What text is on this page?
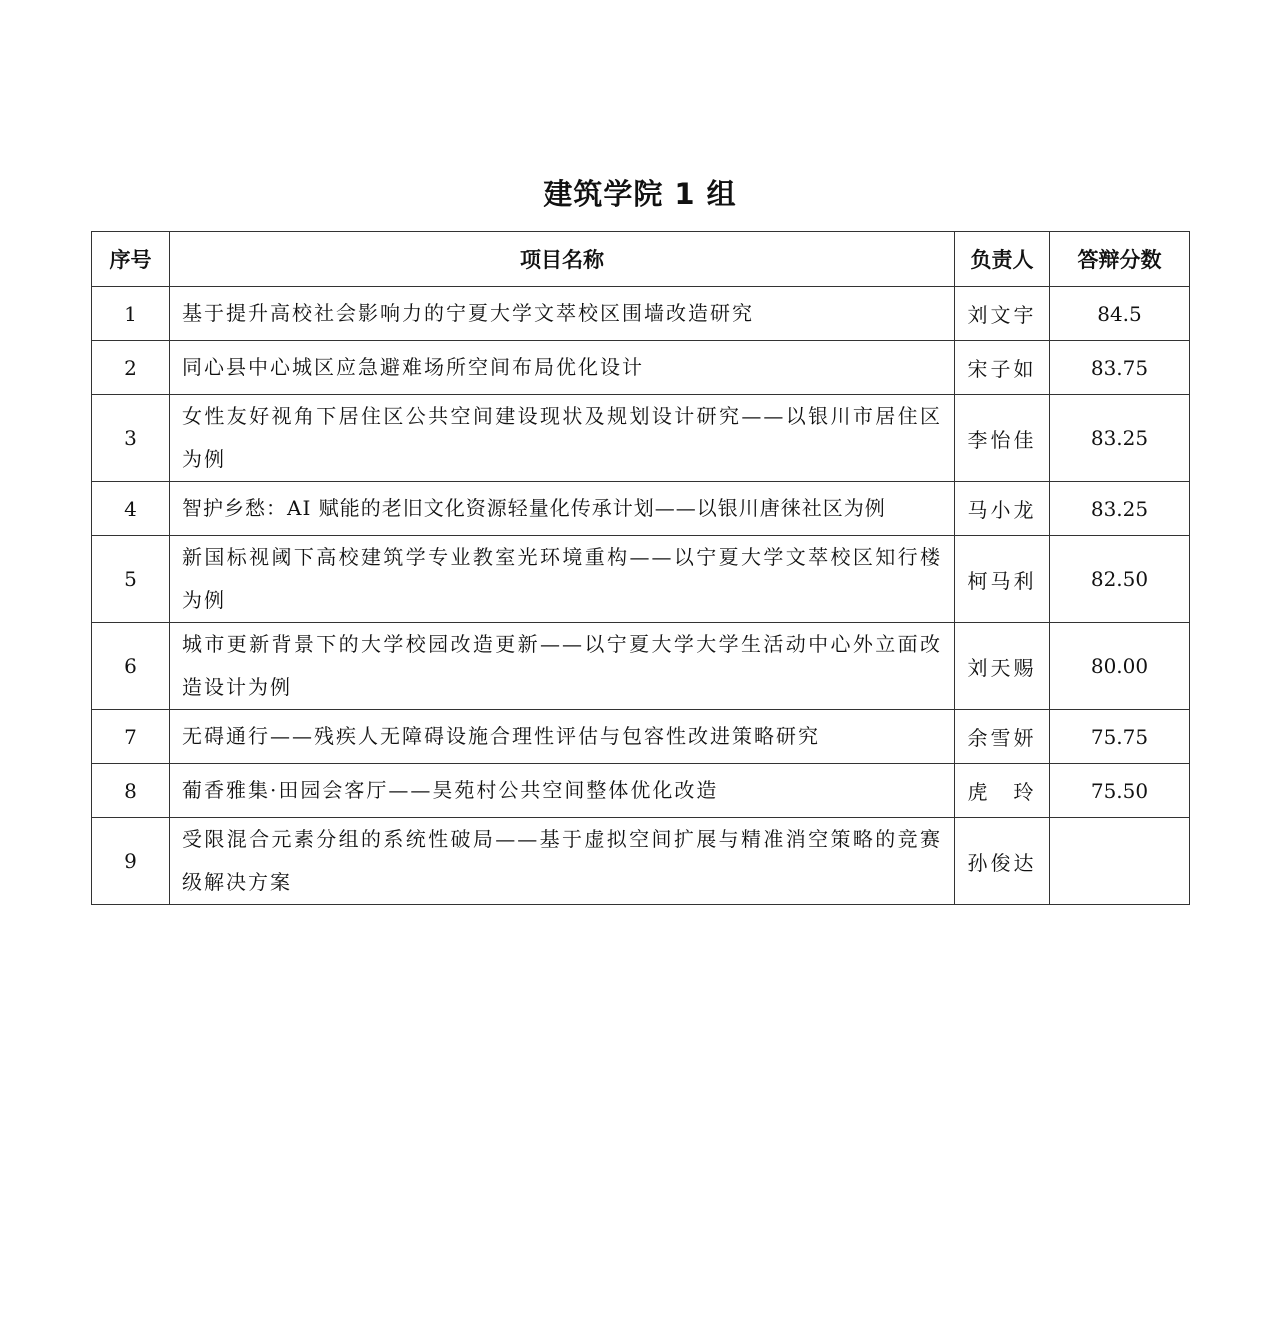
建筑学院 1 组
序号	项目名称	负责人	答辩分数
1	基于提升高校社会影响力的宁夏大学文萃校区围墙改造研究	刘文宇	84.5
2	同心县中心城区应急避难场所空间布局优化设计	宋子如	83.75
3	女性友好视角下居住区公共空间建设现状及规划设计研究——以银川市居住区为例	李怡佳	83.25
4	智护乡愁：AI 赋能的老旧文化资源轻量化传承计划——以银川唐徕社区为例	马小龙	83.25
5	新国标视阈下高校建筑学专业教室光环境重构——以宁夏大学文萃校区知行楼为例	柯马利	82.50
6	城市更新背景下的大学校园改造更新——以宁夏大学大学生活动中心外立面改造设计为例	刘天赐	80.00
7	无碍通行——残疾人无障碍设施合理性评估与包容性改进策略研究	余雪妍	75.75
8	葡香雅集·田园会客厅——昊苑村公共空间整体优化改造	虎　玲	75.50
9	受限混合元素分组的系统性破局——基于虚拟空间扩展与精准消空策略的竞赛级解决方案	孙俊达	
